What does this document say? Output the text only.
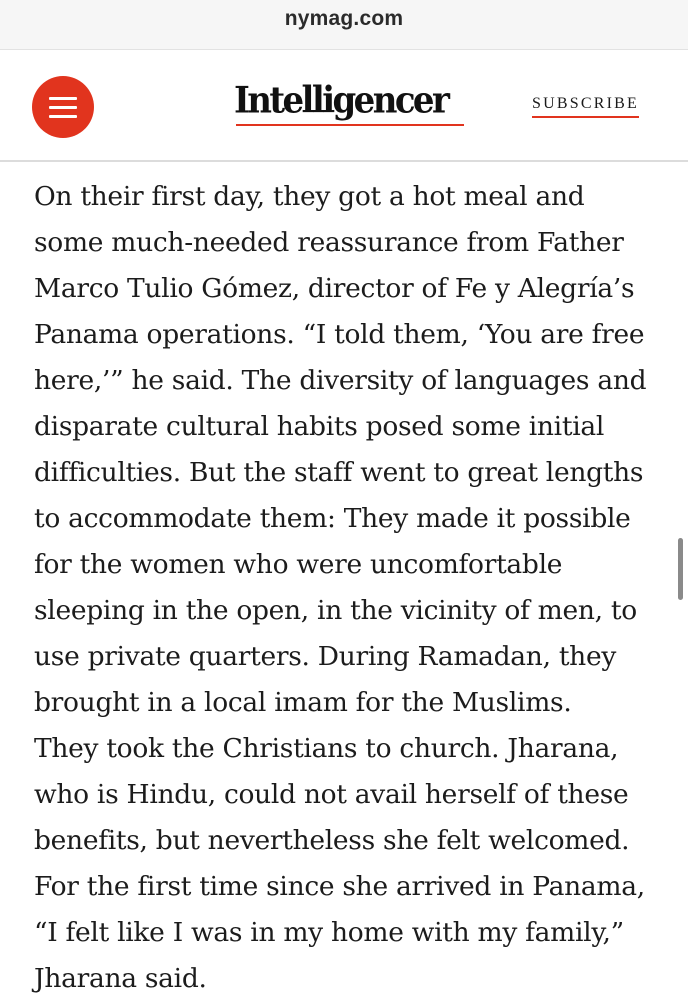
nymag.com
Intelligencer	SUBSCRIBE
On their first day, they got a hot meal and
some much-needed reassurance from Father
Marco Tulio Gómez, director of Fe y Alegría’s
Panama operations. “I told them, ‘You are free
here,’” he said. The diversity of languages and
disparate cultural habits posed some initial
difficulties. But the staff went to great lengths
to accommodate them: They made it possible
for the women who were uncomfortable
sleeping in the open, in the vicinity of men, to
use private quarters. During Ramadan, they
brought in a local imam for the Muslims.
They took the Christians to church. Jharana,
who is Hindu, could not avail herself of these
benefits, but nevertheless she felt welcomed.
For the first time since she arrived in Panama,
“I felt like I was in my home with my family,”
Jharana said.
